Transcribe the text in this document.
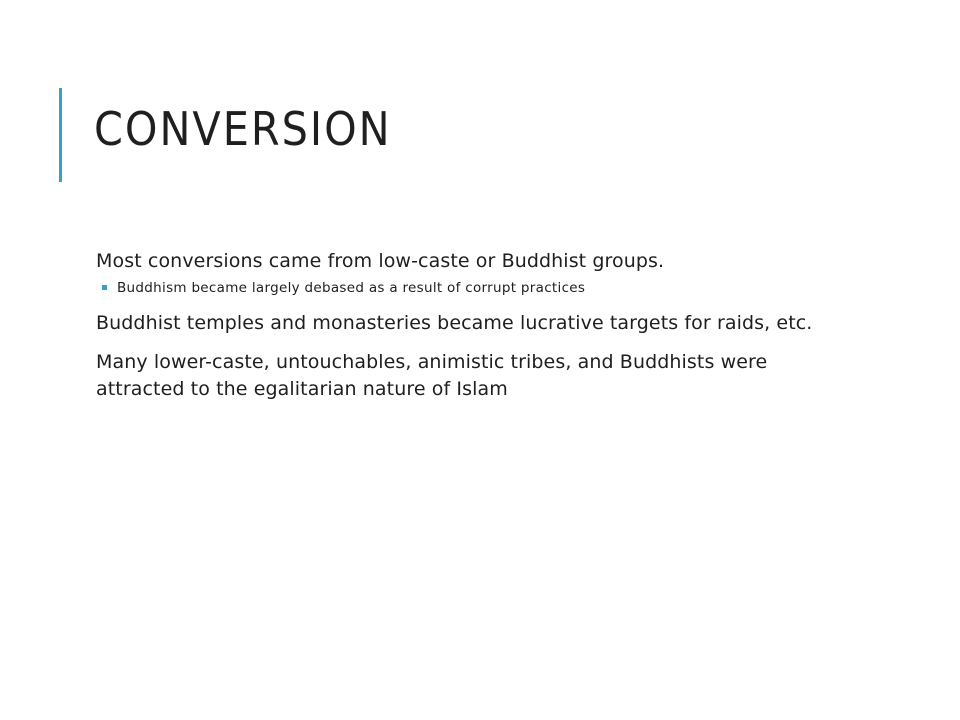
CONVERSION

Most conversions came from low-caste or Buddhist groups.

Buddhism became largely debased as a result of corrupt practices

Buddhist temples and monasteries became lucrative targets for raids, etc.

Many lower-caste, untouchables, animistic tribes, and Buddhists were attracted to the egalitarian nature of Islam
